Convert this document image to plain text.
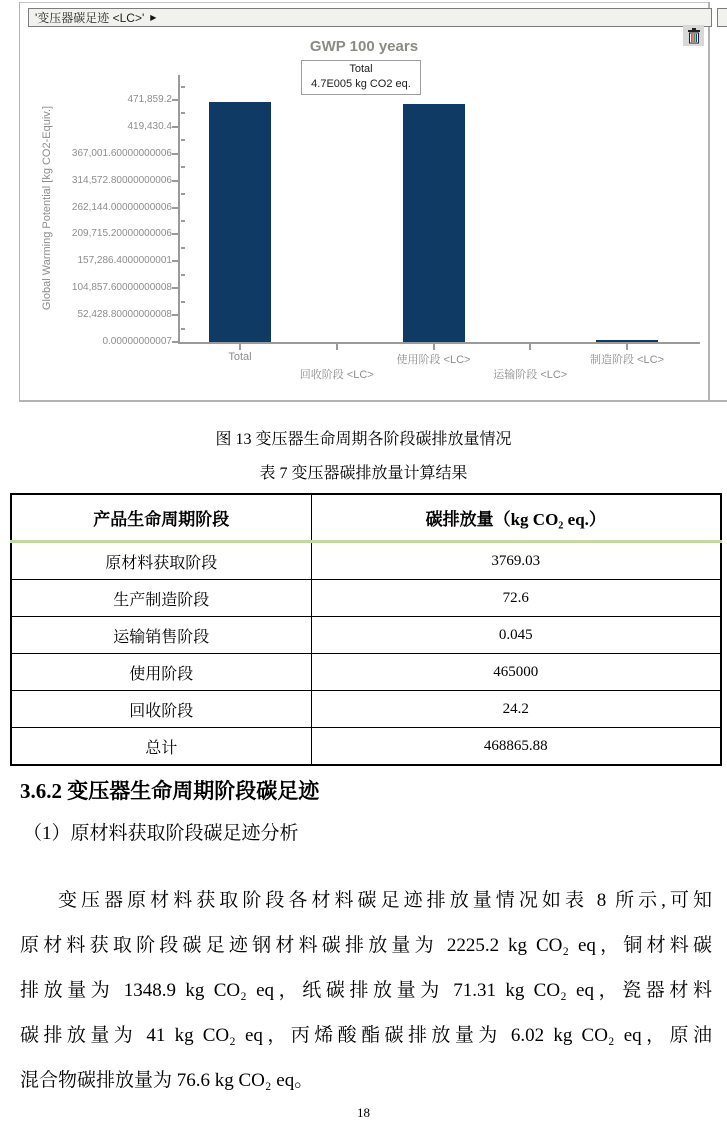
'变压器碳足迹 <LC>' ▶
GWP 100 years
Total
4.7E005 kg CO2 eq.
Global Warming Potential [kg CO2-Equiv.]
471,859.2
419,430.4
367,001.60000000006
314,572.80000000006
262,144.00000000006
209,715.20000000006
157,286.4000000001
104,857.60000000008
52,428.80000000008
0.00000000007
Total
回收阶段 <LC>
使用阶段 <LC>
运输阶段 <LC>
制造阶段 <LC>
图 13 变压器生命周期各阶段碳排放量情况
表 7 变压器碳排放量计算结果
产品生命周期阶段	碳排放量（kg CO₂ eq.）
原材料获取阶段	3769.03
生产制造阶段	72.6
运输销售阶段	0.045
使用阶段	465000
回收阶段	24.2
总计	468865.88
3.6.2 变压器生命周期阶段碳足迹
（1）原材料获取阶段碳足迹分析
变压器原材料获取阶段各材料碳足迹排放量情况如表 8 所示,可知
原材料获取阶段碳足迹钢材料碳排放量为 2225.2 kg CO₂ eq，铜材料碳
排放量为 1348.9 kg CO₂ eq，纸碳排放量为 71.31 kg CO₂ eq，瓷器材料
碳排放量为 41 kg CO₂ eq，丙烯酸酯碳排放量为 6.02 kg CO₂ eq，原油
混合物碳排放量为 76.6 kg CO₂ eq。
18
